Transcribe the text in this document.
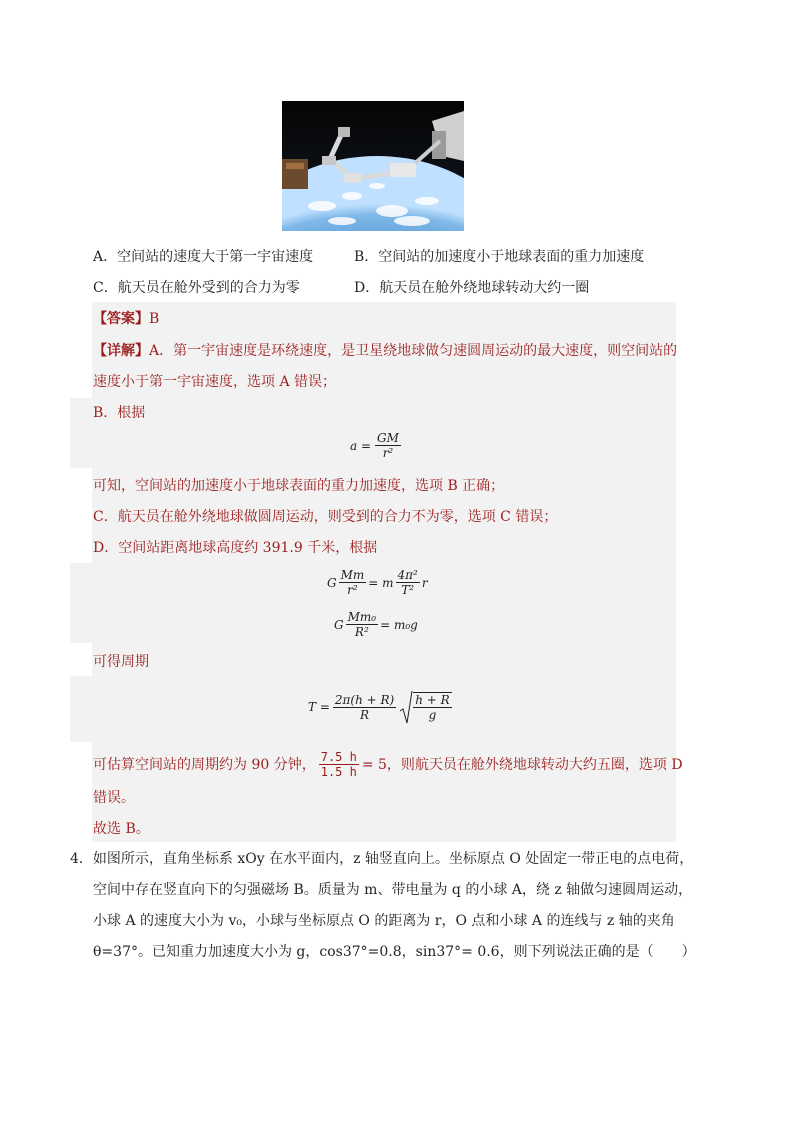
A．空间站的速度大于第一宇宙速度	B．空间站的加速度小于地球表面的重力加速度
C．航天员在舱外受到的合力为零	D．航天员在舱外绕地球转动大约一圈
【答案】B
【详解】A．第一宇宙速度是环绕速度，是卫星绕地球做匀速圆周运动的最大速度，则空间站的
速度小于第一宇宙速度，选项 A 错误；
B．根据
$a = \frac{GM}{\text{r²}}$
可知，空间站的加速度小于地球表面的重力加速度，选项 B 正确；
C．航天员在舱外绕地球做圆周运动，则受到的合力不为零，选项 C 错误；
D．空间站距离地球高度约 391.9 千米，根据
G $\frac{Mm}{\text{r²}} = m \frac{\text{4π²}}{\text{T²}}$ r
G $\frac{\text{Mm₀}}{\text{R²}} = m_0g$
可得周期
$T = \frac{2\pi(h + R)}{R} \frac{h + R}{g}$
可估算空间站的周期约为 90 分钟， $\frac{7.5 h}{1.5 h} = 5$，则航天员在舱外绕地球转动大约五圈，选项 D
错误。
故选 B。
4．如图所示，直角坐标系 xOy 在水平面内，z 轴竖直向上。坐标原点 O 处固定一带正电的点电荷，
空间中存在竖直向下的匀强磁场 B。质量为 m、带电量为 q 的小球 A，绕 z 轴做匀速圆周运动，
小球 A 的速度大小为 v₀，小球与坐标原点 O 的距离为 r，O 点和小球 A 的连线与 z 轴的夹角
θ=37°。已知重力加速度大小为 g，cos37°=0.8，sin37°= 0.6，则下列说法正确的是（　　）
